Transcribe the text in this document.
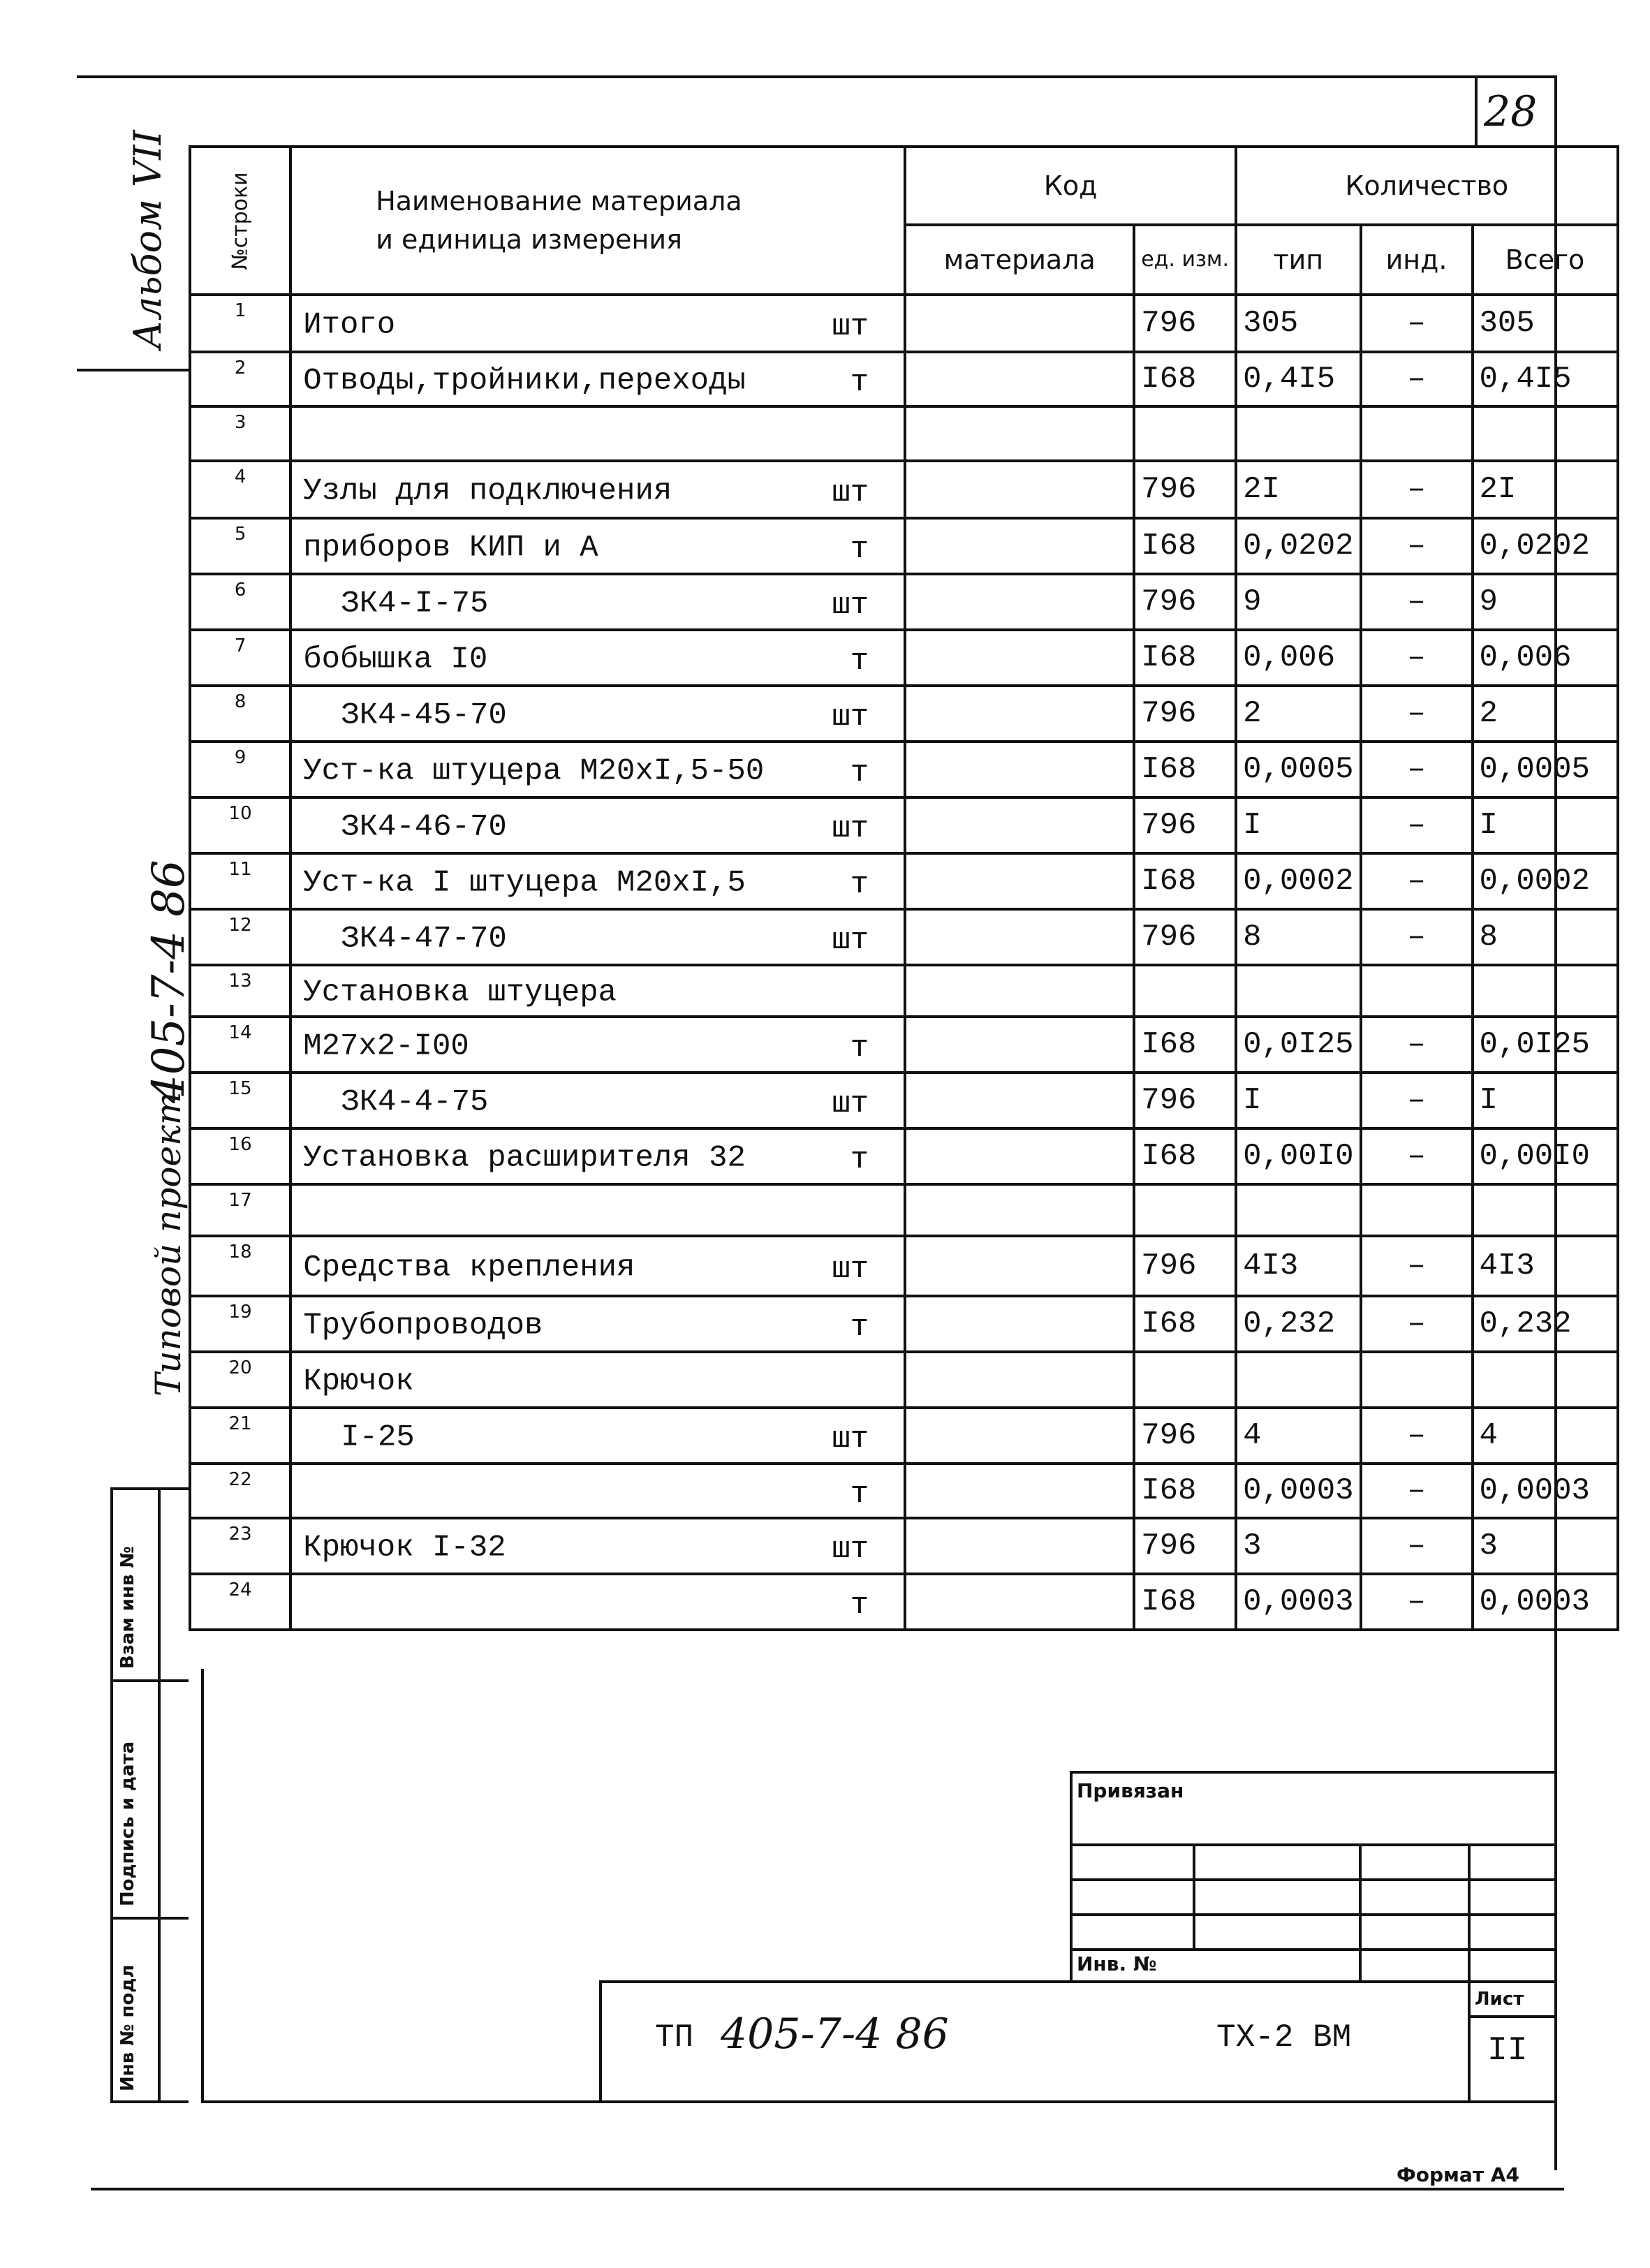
28
Альбом VII
Типовой проект
405-7-4 86
Взам инв №
Подпись и дата
Инв № подл
№строки	Наименование материала
и единица измерения	Код		Количество		
		материала	ед. изм.	тип	инд.	Всего
1	Итого шт		796	305	–	305
2	Отводы,тройники,переходы т		I68	0,4I5	–	0,4I5
3	

4	Узлы для подключения шт		796	2I	–	2I
5	приборов КИП и А т		I68	0,0202	–	0,0202
6	ЗК4-I-75 шт		796	9	–	9
7	бобышка I0 т		I68	0,006	–	0,006
8	ЗК4-45-70 шт		796	2	–	2
9	Уст-ка штуцера М20хI,5-50 т		I68	0,0005	–	0,0005
10	ЗК4-46-70 шт		796	I	–	I
11	Уст-ка I штуцера М20хI,5 т		I68	0,0002	–	0,0002
12	ЗК4-47-70 шт		796	8	–	8
13	Установка штуцера					

14	М27х2-I00 т		I68	0,0I25	–	0,0I25
15	ЗК4-4-75 шт		796	I	–	I
16	Установка расширителя 32 т		I68	0,00I0	–	0,00I0
17	

18	Средства крепления шт		796	4I3	–	4I3
19	Трубопроводов т		I68	0,232	–	0,232
20	Крючок					

21	I-25 шт		796	4	–	4
22	т		I68	0,0003	–	0,0003
23	Крючок I-32 шт		796	3	–	3
24	т		I68	0,0003	–	0,0003
Привязан
Инв. №
ТП 405-7-4 86	ТХ-2 ВМ
Лист
II
Формат А4
